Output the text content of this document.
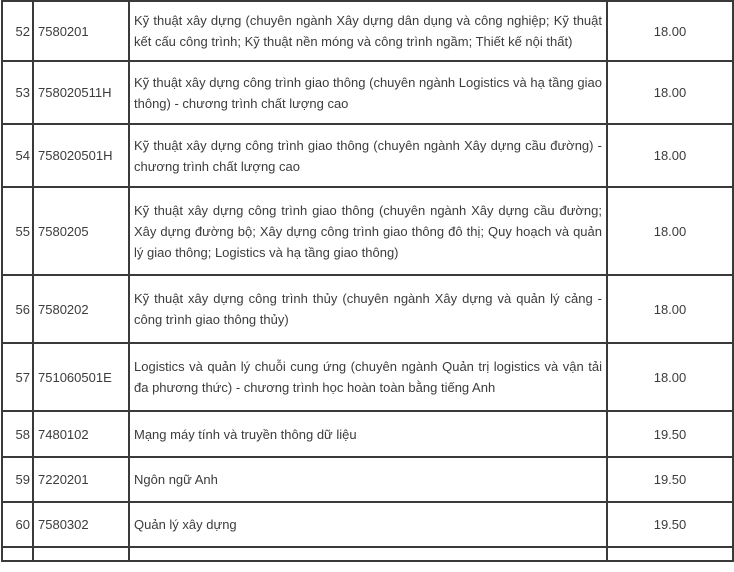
52	7580201	Kỹ thuật xây dựng (chuyên ngành Xây dựng dân dụng và công nghiệp; Kỹ thuật kết cấu công trình; Kỹ thuật nền móng và công trình ngầm; Thiết kế nội thất)	18.00
53	758020511H	Kỹ thuật xây dựng công trình giao thông (chuyên ngành Logistics và hạ tầng giao thông) - chương trình chất lượng cao	18.00
54	758020501H	Kỹ thuật xây dựng công trình giao thông (chuyên ngành Xây dựng cầu đường) - chương trình chất lượng cao	18.00
55	7580205	Kỹ thuật xây dựng công trình giao thông (chuyên ngành Xây dựng cầu đường; Xây dựng đường bộ; Xây dựng công trình giao thông đô thị; Quy hoạch và quản lý giao thông; Logistics và hạ tầng giao thông)	18.00
56	7580202	Kỹ thuật xây dựng công trình thủy (chuyên ngành Xây dựng và quản lý cảng - công trình giao thông thủy)	18.00
57	751060501E	Logistics và quản lý chuỗi cung ứng (chuyên ngành Quản trị logistics và vận tải đa phương thức) - chương trình học hoàn toàn bằng tiếng Anh	18.00
58	7480102	Mạng máy tính và truyền thông dữ liệu	19.50
59	7220201	Ngôn ngữ Anh	19.50
60	7580302	Quản lý xây dựng	19.50
